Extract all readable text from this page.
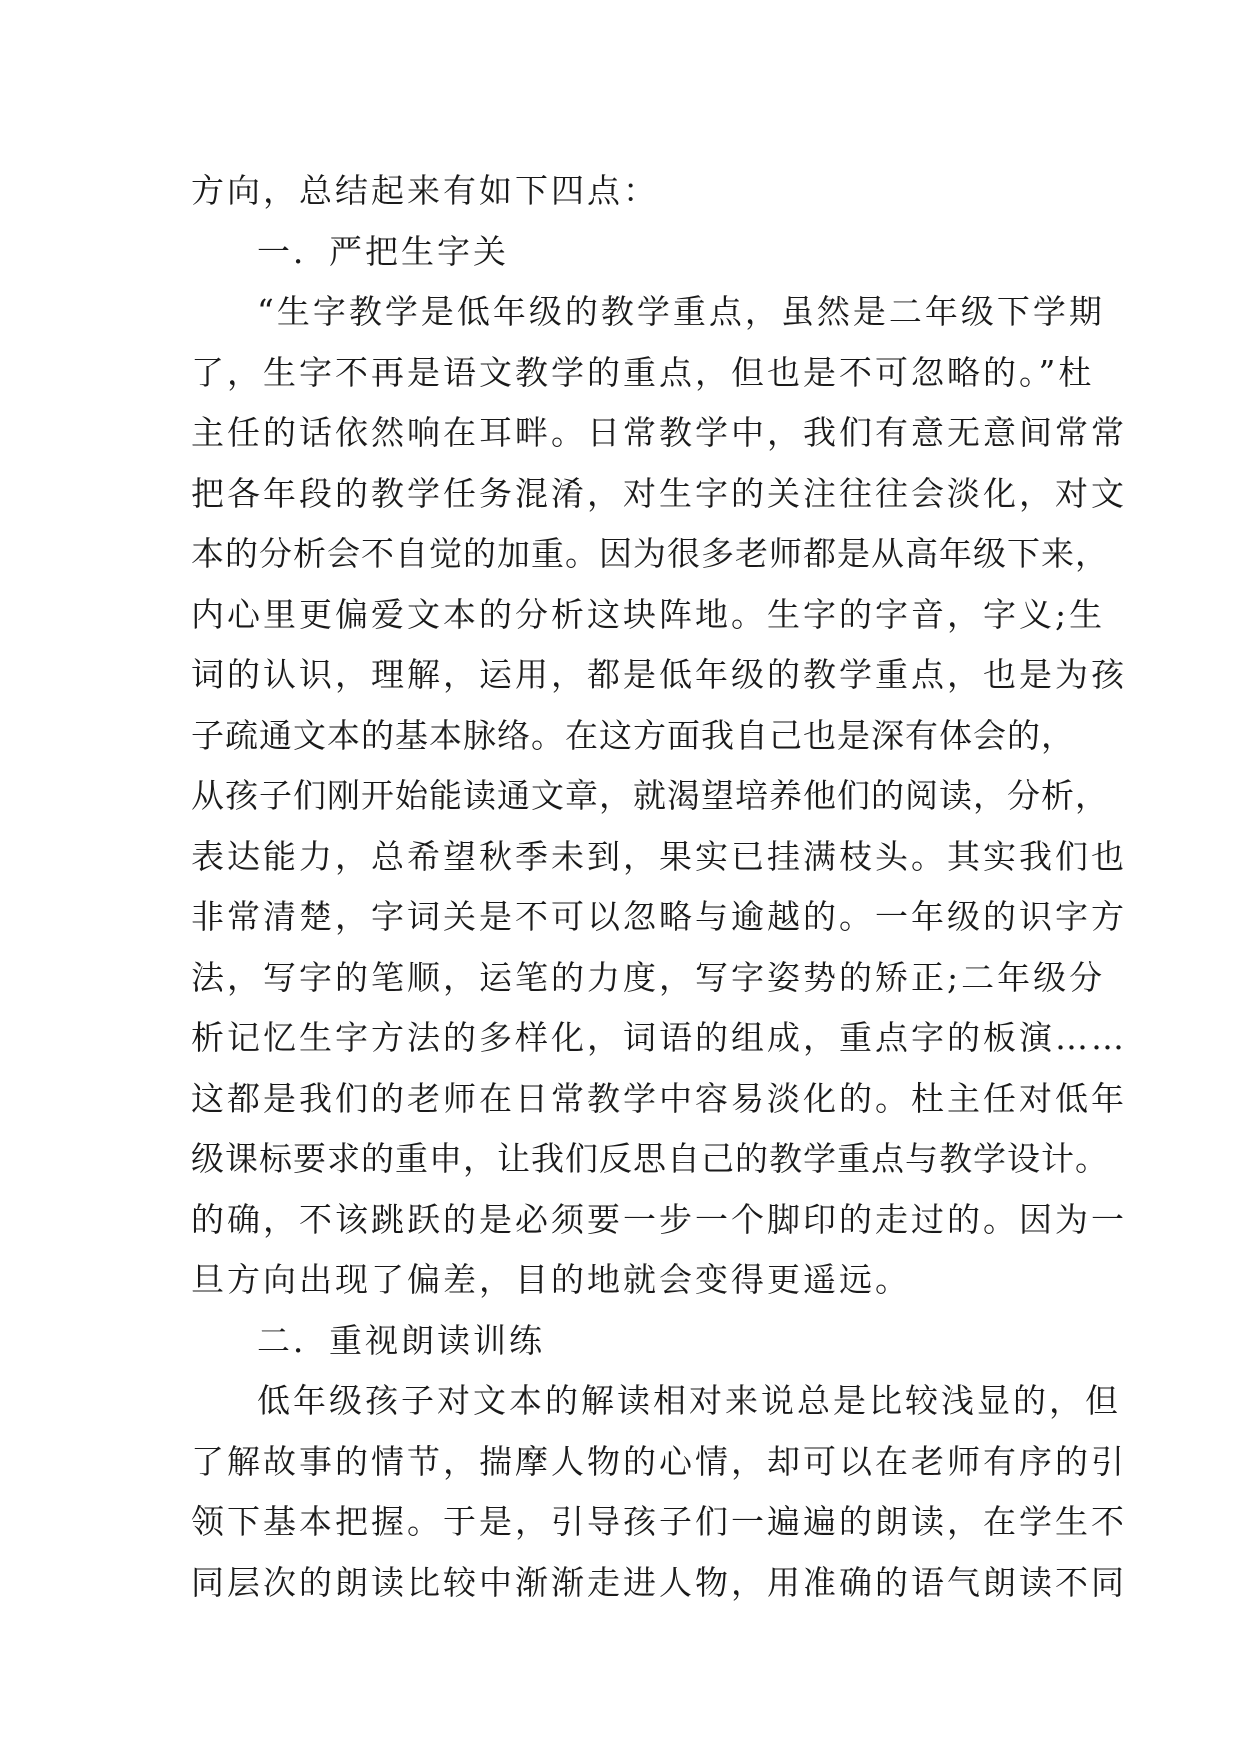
方向，总结起来有如下四点：
一．严把生字关
“生字教学是低年级的教学重点，虽然是二年级下学期
了，生字不再是语文教学的重点，但也是不可忽略的。”杜
主任的话依然响在耳畔。日常教学中，我们有意无意间常常
把各年段的教学任务混淆，对生字的关注往往会淡化，对文
本的分析会不自觉的加重。因为很多老师都是从高年级下来，
内心里更偏爱文本的分析这块阵地。生字的字音，字义;生
词的认识，理解，运用，都是低年级的教学重点，也是为孩
子疏通文本的基本脉络。在这方面我自己也是深有体会的，
从孩子们刚开始能读通文章，就渴望培养他们的阅读，分析，
表达能力，总希望秋季未到，果实已挂满枝头。其实我们也
非常清楚，字词关是不可以忽略与逾越的。一年级的识字方
法，写字的笔顺，运笔的力度，写字姿势的矫正;二年级分
析记忆生字方法的多样化，词语的组成，重点字的板演……
这都是我们的老师在日常教学中容易淡化的。杜主任对低年
级课标要求的重申，让我们反思自己的教学重点与教学设计。
的确，不该跳跃的是必须要一步一个脚印的走过的。因为一
旦方向出现了偏差，目的地就会变得更遥远。
二．重视朗读训练
低年级孩子对文本的解读相对来说总是比较浅显的，但
了解故事的情节，揣摩人物的心情，却可以在老师有序的引
领下基本把握。于是，引导孩子们一遍遍的朗读，在学生不
同层次的朗读比较中渐渐走进人物，用准确的语气朗读不同
